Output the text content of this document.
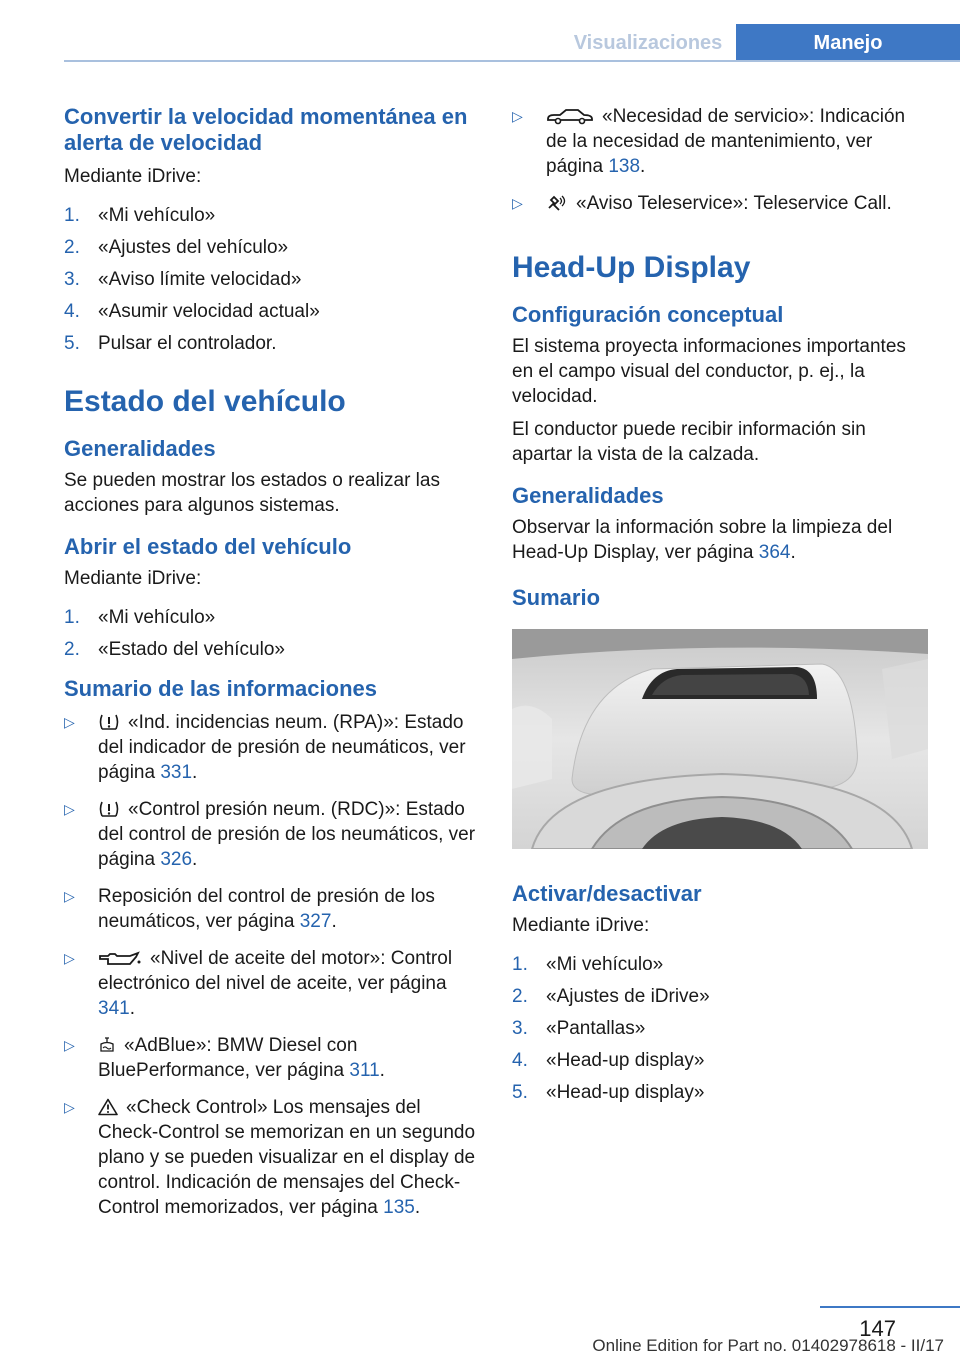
Visualizaciones	Manejo
Convertir la velocidad momentánea en alerta de velocidad

Mediante iDrive:

1. «Mi vehículo»
2. «Ajustes del vehículo»
3. «Aviso límite velocidad»
4. «Asumir velocidad actual»
5. Pulsar el controlador.
Estado del vehículo
Generalidades

Se pueden mostrar los estados o realizar las acciones para algunos sistemas.

Abrir el estado del vehículo

Mediante iDrive:

1. «Mi vehículo»
2. «Estado del vehículo»
Sumario de las informaciones
▷	«Ind. incidencias neum. (RPA)»: Estado del indicador de presión de neumáticos, ver página 331.
▷	«Control presión neum. (RDC)»: Estado del control de presión de los neumáticos, ver página 326.
▷	Reposición del control de presión de los neumáticos, ver página 327.
▷	«Nivel de aceite del motor»: Control electrónico del nivel de aceite, ver página 341.
▷	«AdBlue»: BMW Diesel con BluePerformance, ver página 311.
▷	«Check Control» Los mensajes del Check-Control se memorizan en un segundo plano y se pueden visualizar en el display de control. Indicación de mensajes del Check-Control memorizados, ver página 135.
▷	«Necesidad de servicio»: Indicación de la necesidad de mantenimiento, ver página 138.
▷	«Aviso Teleservice»: Teleservice Call.
Head-Up Display
Configuración conceptual

El sistema proyecta informaciones importantes en el campo visual del conductor, p. ej., la velocidad.

El conductor puede recibir información sin apartar la vista de la calzada.

Generalidades

Observar la información sobre la limpieza del Head-Up Display, ver página 364.

Sumario
Activar/desactivar

Mediante iDrive:

1. «Mi vehículo»
2. «Ajustes de iDrive»
3. «Pantallas»
4. «Head-up display»
5. «Head-up display»
147
Online Edition for Part no. 01402978618 - II/17
